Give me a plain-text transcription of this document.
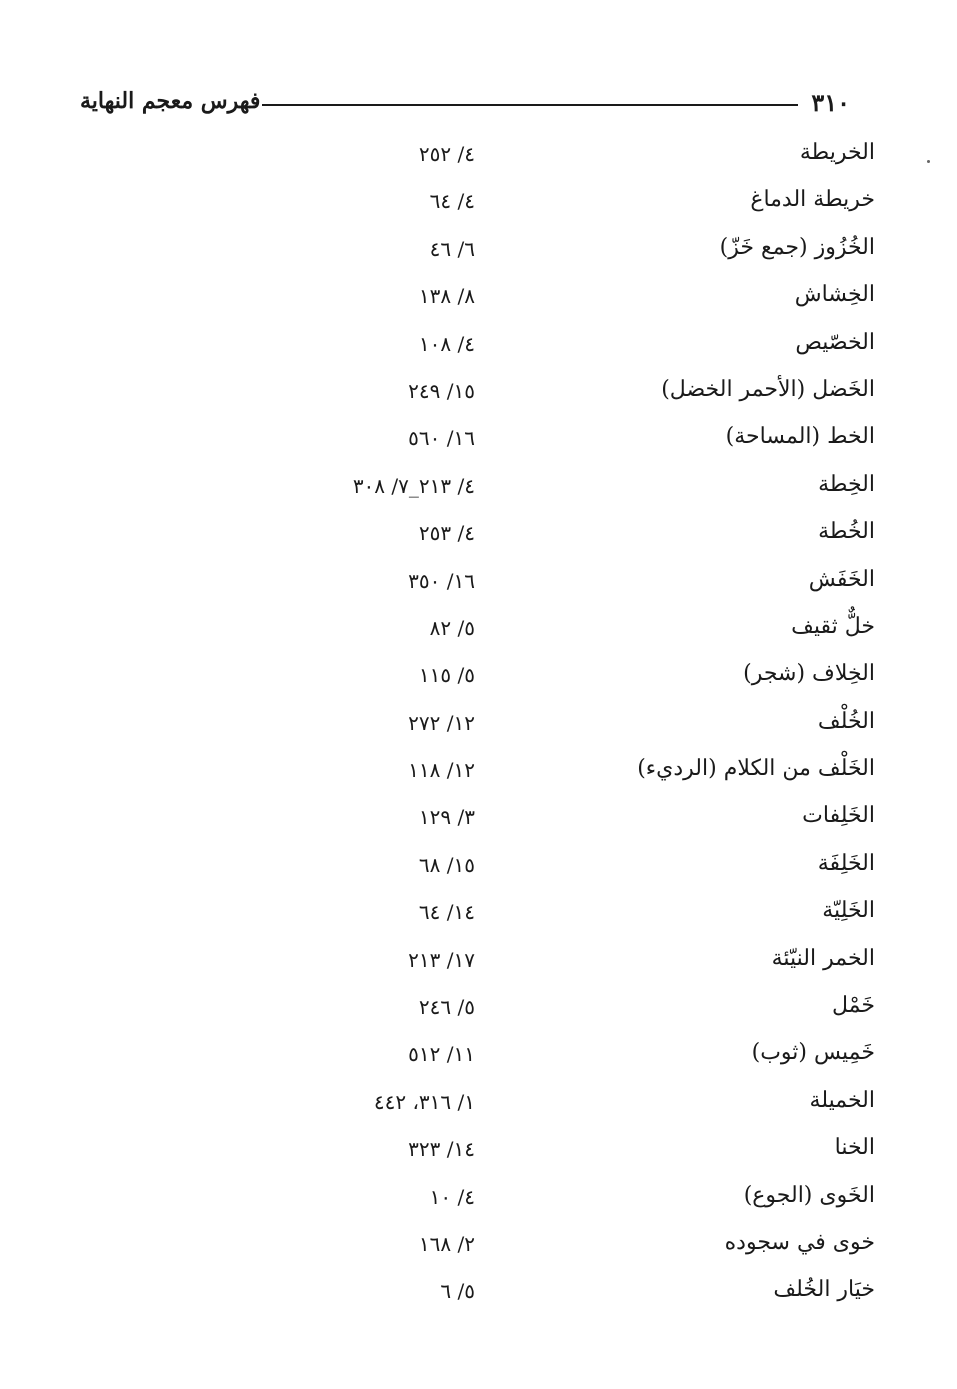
٣١٠
فهرس معجم النهاية
الخريطة
٤/ ٢٥٢
خريطة الدماغ
٤/ ٦٤
الخُزُوز (جمع خَزّ)
٦/ ٤٦
الخِشاش
٨/ ١٣٨
الخصّيص
٤/ ١٠٨
الخَضل (الأحمر الخضل)
١٥/ ٢٤٩
الخط (المساحة)
١٦/ ٥٦٠
الخِطة
٤/ ٢١٣_٧/ ٣٠٨
الخُطة
٤/ ٢٥٣
الخَفَش
١٦/ ٣٥٠
خلٌّ ثقيف
٥/ ٨٢
الخِلاف (شجر)
٥/ ١١٥
الخُلْف
١٢/ ٢٧٢
الخَلْف من الكلام (الرديء)
١٢/ ١١٨
الخَلِفات
٣/ ١٢٩
الخَلِفَة
١٥/ ٦٨
الخَلِيّة
١٤/ ٦٤
الخمر النيّئة
١٧/ ٢١٣
خَمْل
٥/ ٢٤٦
خَمِيس (ثوب)
١١/ ٥١٢
الخميلة
١/ ٣١٦، ٤٤٢
الخنا
١٤/ ٣٢٣
الخَوى (الجوع)
٤/ ١٠
خوى في سجوده
٢/ ١٦٨
خيَار الخُلف
٥/ ٦
